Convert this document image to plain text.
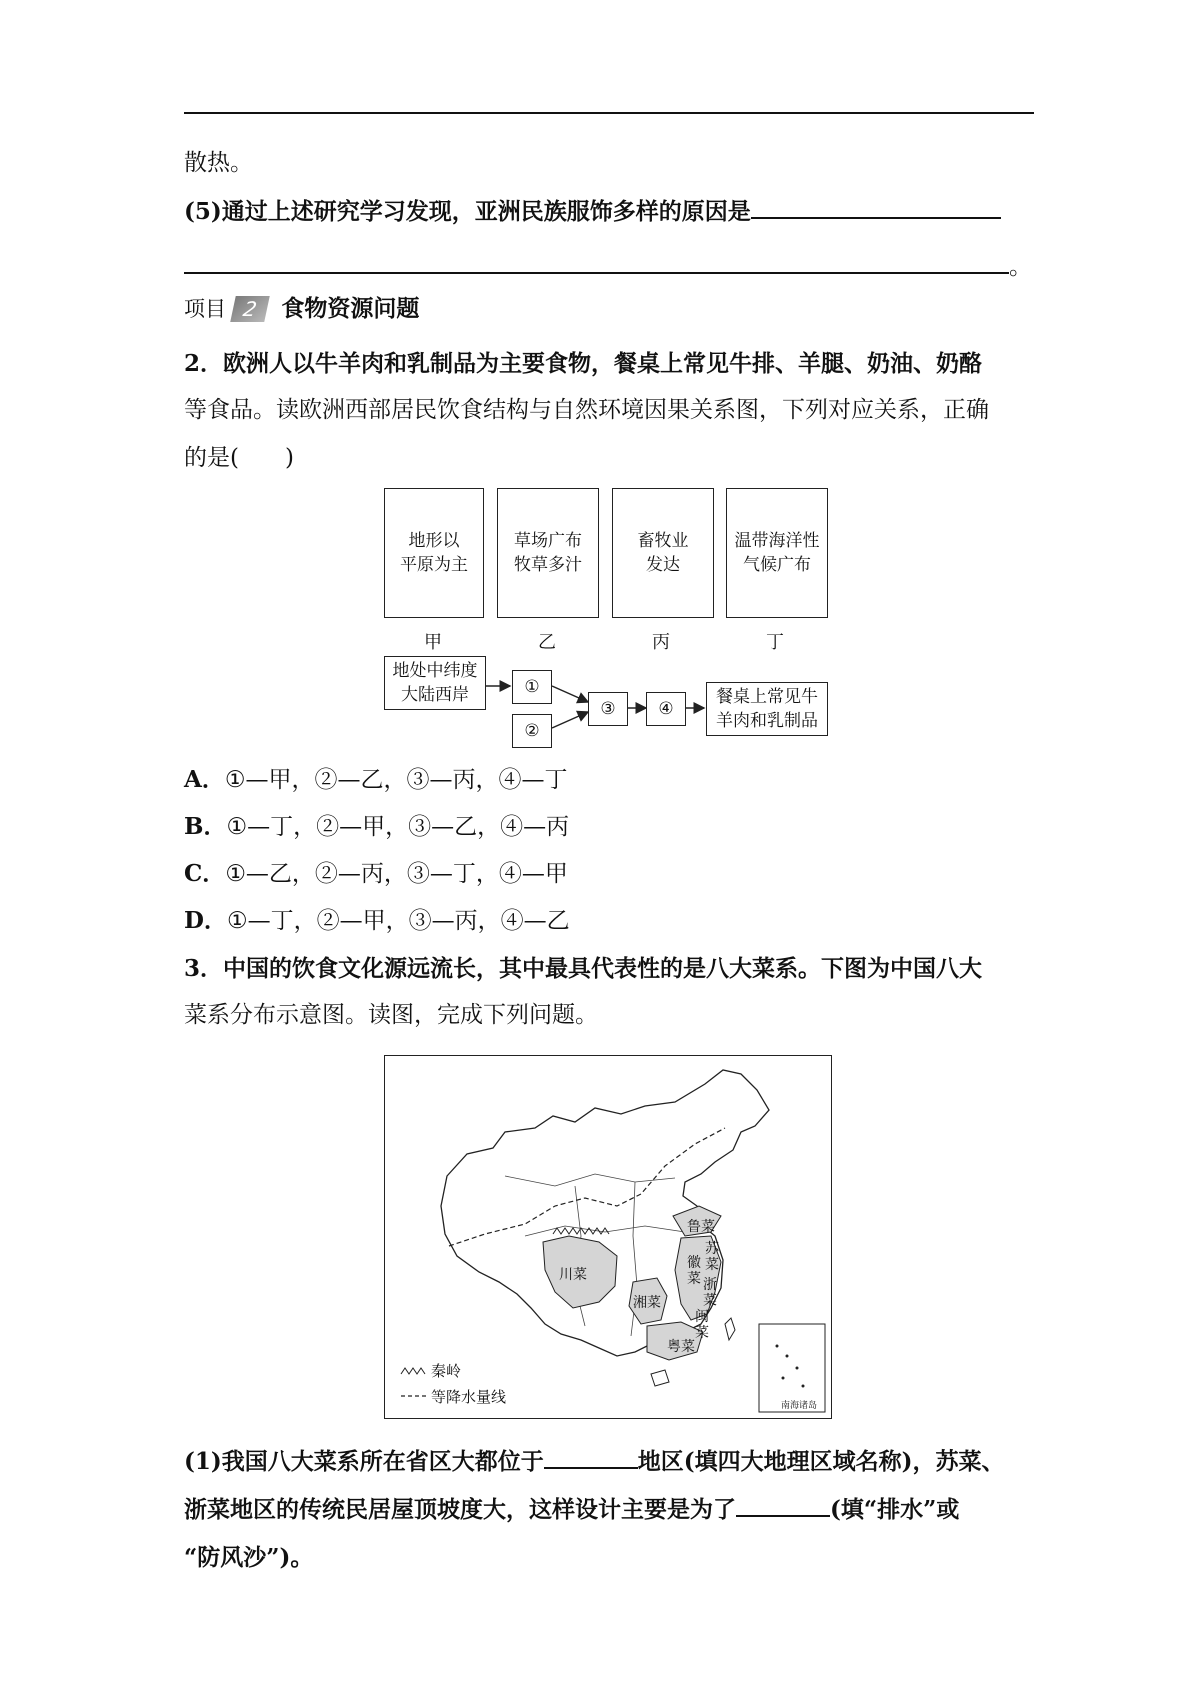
散热。
(5)通过上述研究学习发现，亚洲民族服饰多样的原因是
。
项目 2 食物资源问题
2．欧洲人以牛羊肉和乳制品为主要食物，餐桌上常见牛排、羊腿、奶油、奶酪
等食品。读欧洲西部居民饮食结构与自然环境因果关系图，下列对应关系，正确
的是(　　)
地形以
平原为主
草场广布
牧草多汁
畜牧业
发达
温带海洋性
气候广布
甲	乙	丙	丁
地处中纬度
大陆西岸	①
②
③	④
餐桌上常见牛
羊肉和乳制品
A．①—甲，②—乙，③—丙，④—丁
B．①—丁，②—甲，③—乙，④—丙
C．①—乙，②—丙，③—丁，④—甲
D．①—丁，②—甲，③—丙，④—乙
3．中国的饮食文化源远流长，其中最具代表性的是八大菜系。下图为中国八大
菜系分布示意图。读图，完成下列问题。
川菜
湘菜
粤菜
鲁菜
苏
菜
徽
菜 浙
菜
闽
菜
秦岭
等降水量线	南海诸岛
(1)我国八大菜系所在省区大都位于	地区(填四大地理区域名称)，苏菜、
浙菜地区的传统民居屋顶坡度大，这样设计主要是为了	(填“排水”或
“防风沙”)。
